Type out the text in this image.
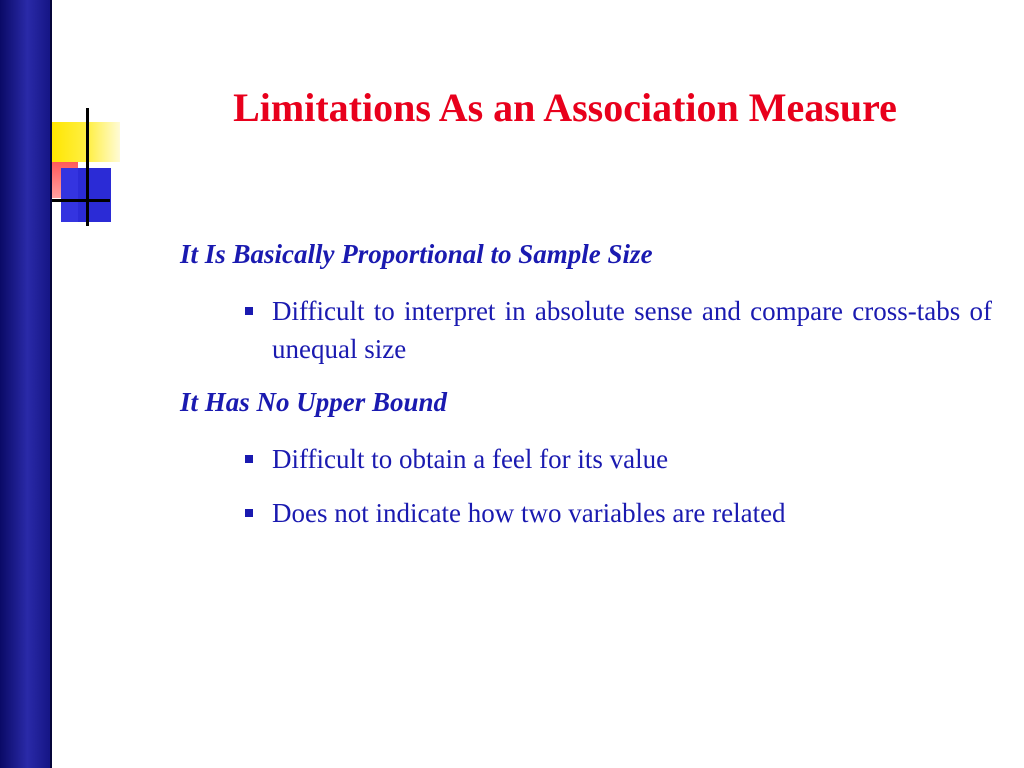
Limitations As an Association Measure
It Is Basically Proportional to Sample Size
Difficult to interpret in absolute sense and compare cross-tabs of unequal size
It Has No Upper Bound
Difficult to obtain a feel for its value
Does not indicate how two variables are related
